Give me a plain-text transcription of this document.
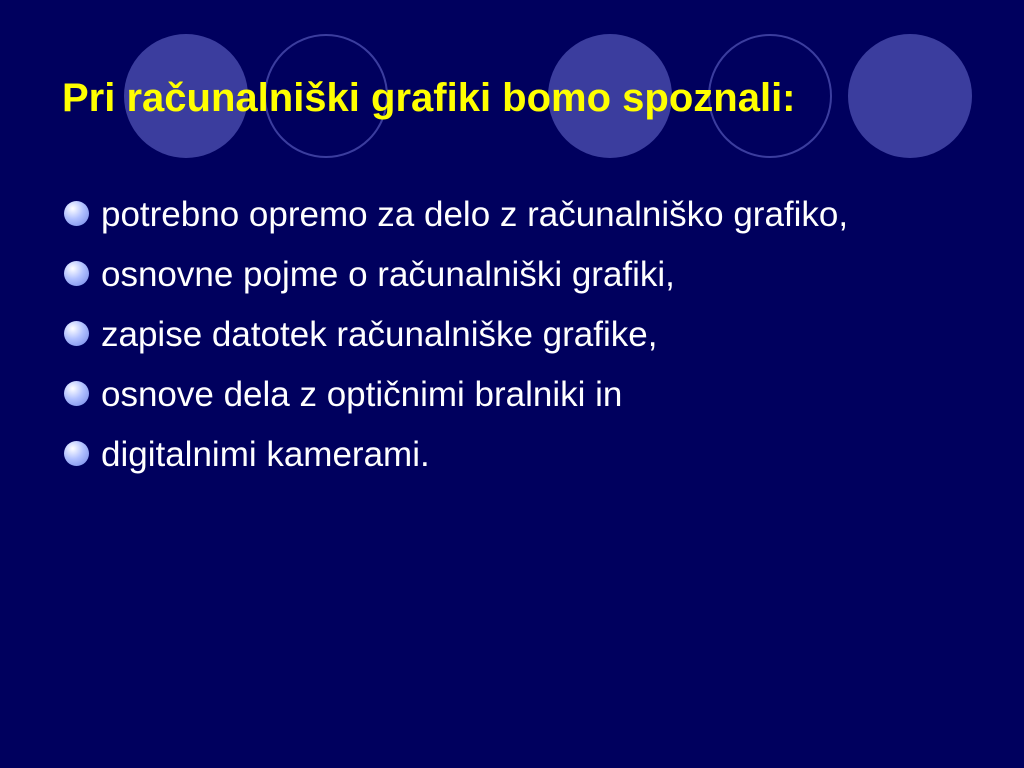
Pri računalniški grafiki bomo spoznali:
potrebno opremo za delo z računalniško grafiko,
osnovne pojme o računalniški grafiki,
zapise datotek računalniške grafike,
osnove dela z optičnimi bralniki in
digitalnimi kamerami.
